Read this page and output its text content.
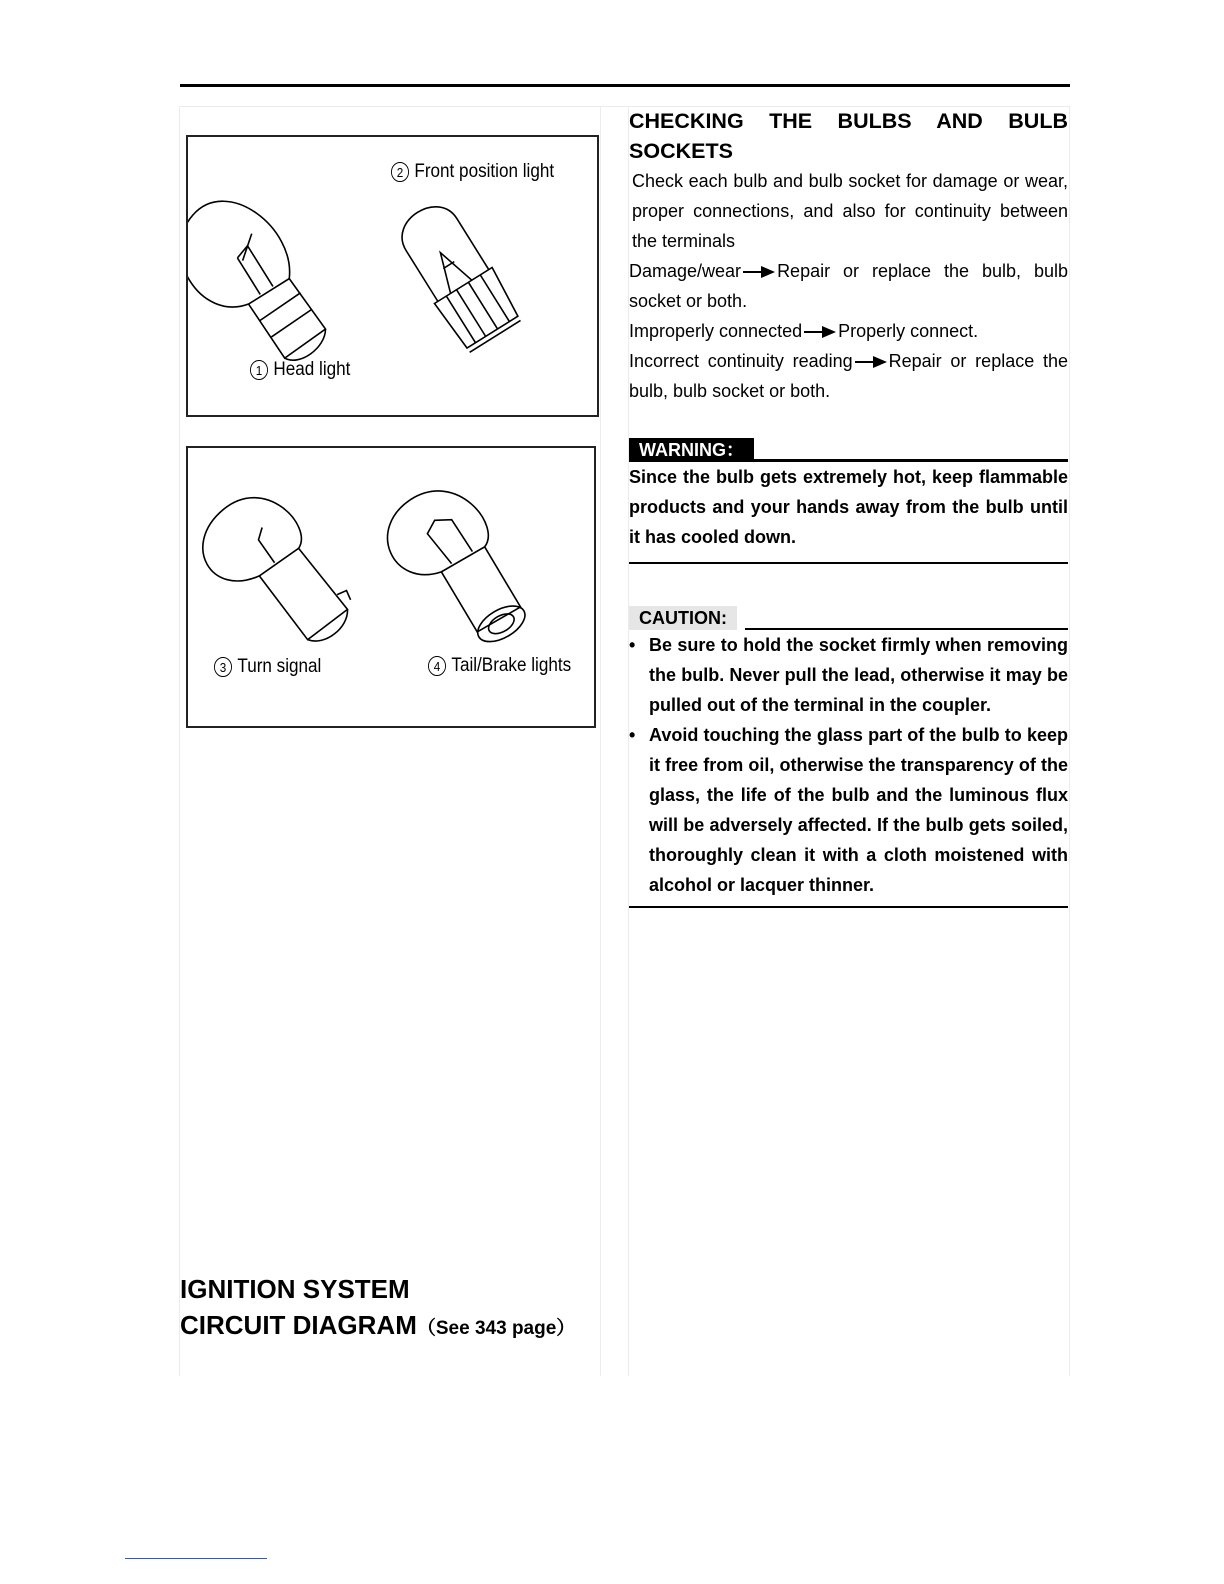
2 Front position light
1 Head light
3 Turn signal	4 Tail/Brake lights
CHECKING THE BULBS AND BULB
SOCKETS

Check each bulb and bulb socket for damage or wear, proper connections, and also for continuity between the terminals

Damage/wear Repair or replace the bulb, bulb socket or both.

Improperly connected Properly connect.

Incorrect continuity reading Repair or replace the bulb, bulb socket or both.

WARNING：

Since the bulb gets extremely hot, keep flammable products and your hands away from the bulb until it has cooled down.

CAUTION:
• Be sure to hold the socket firmly when removing the bulb. Never pull the lead, otherwise it may be pulled out of the terminal in the coupler.
• Avoid touching the glass part of the bulb to keep it free from oil, otherwise the transparency of the glass, the life of the bulb and the luminous flux will be adversely affected. If the bulb gets soiled, thoroughly clean it with a cloth moistened with alcohol or lacquer thinner.
IGNITION SYSTEM
CIRCUIT DIAGRAM（See 343 page）
